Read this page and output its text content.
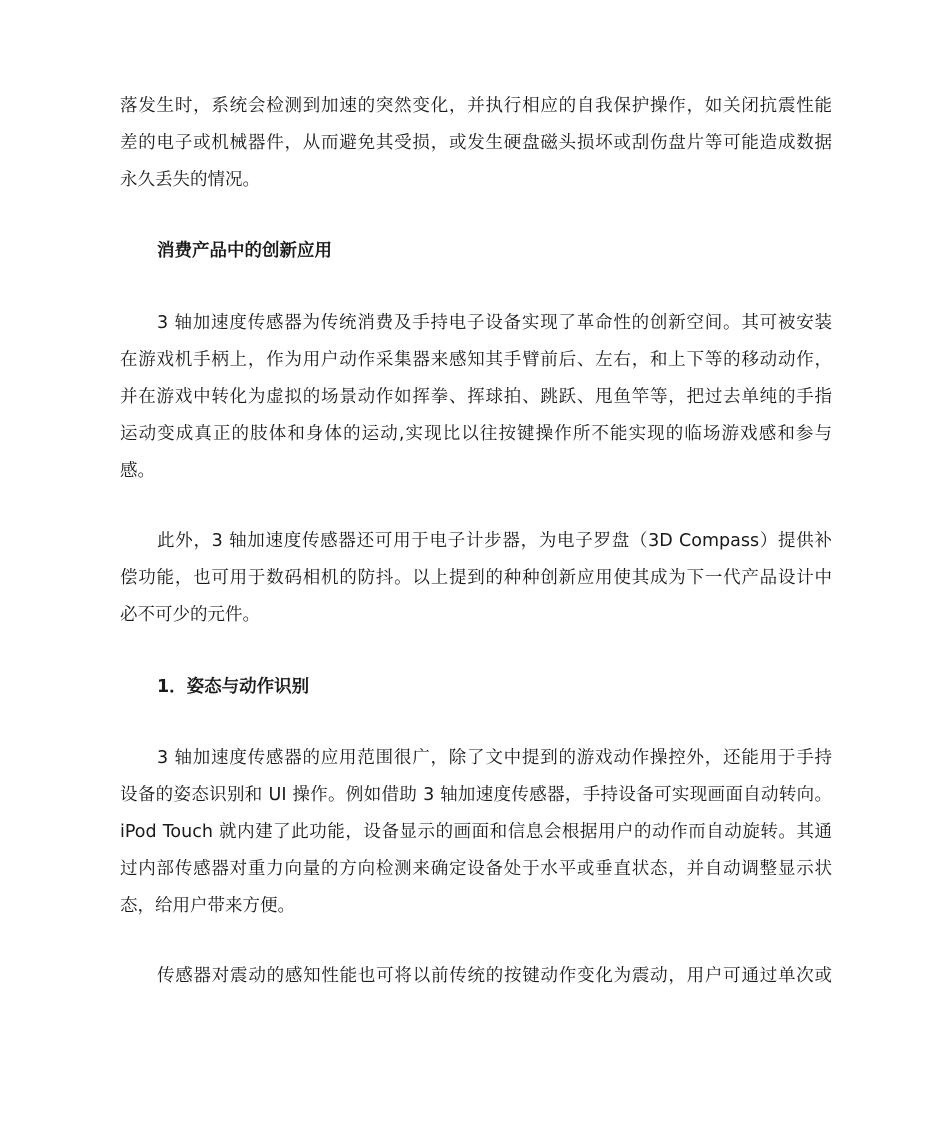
落发生时，系统会检测到加速的突然变化，并执行相应的自我保护操作，如关闭抗震性能
差的电子或机械器件，从而避免其受损，或发生硬盘磁头损坏或刮伤盘片等可能造成数据
永久丢失的情况。
消费产品中的创新应用
3 轴加速度传感器为传统消费及手持电子设备实现了革命性的创新空间。其可被安装
在游戏机手柄上，作为用户动作采集器来感知其手臂前后、左右，和上下等的移动动作，
并在游戏中转化为虚拟的场景动作如挥拳、挥球拍、跳跃、甩鱼竿等，把过去单纯的手指
运动变成真正的肢体和身体的运动,实现比以往按键操作所不能实现的临场游戏感和参与
感。
此外，3 轴加速度传感器还可用于电子计步器，为电子罗盘（3D Compass）提供补
偿功能，也可用于数码相机的防抖。以上提到的种种创新应用使其成为下一代产品设计中
必不可少的元件。
1．姿态与动作识别
3 轴加速度传感器的应用范围很广，除了文中提到的游戏动作操控外，还能用于手持
设备的姿态识别和 UI 操作。例如借助 3 轴加速度传感器，手持设备可实现画面自动转向。
iPod Touch 就内建了此功能，设备显示的画面和信息会根据用户的动作而自动旋转。其通
过内部传感器对重力向量的方向检测来确定设备处于水平或垂直状态，并自动调整显示状
态，给用户带来方便。
传感器对震动的感知性能也可将以前传统的按键动作变化为震动，用户可通过单次或
